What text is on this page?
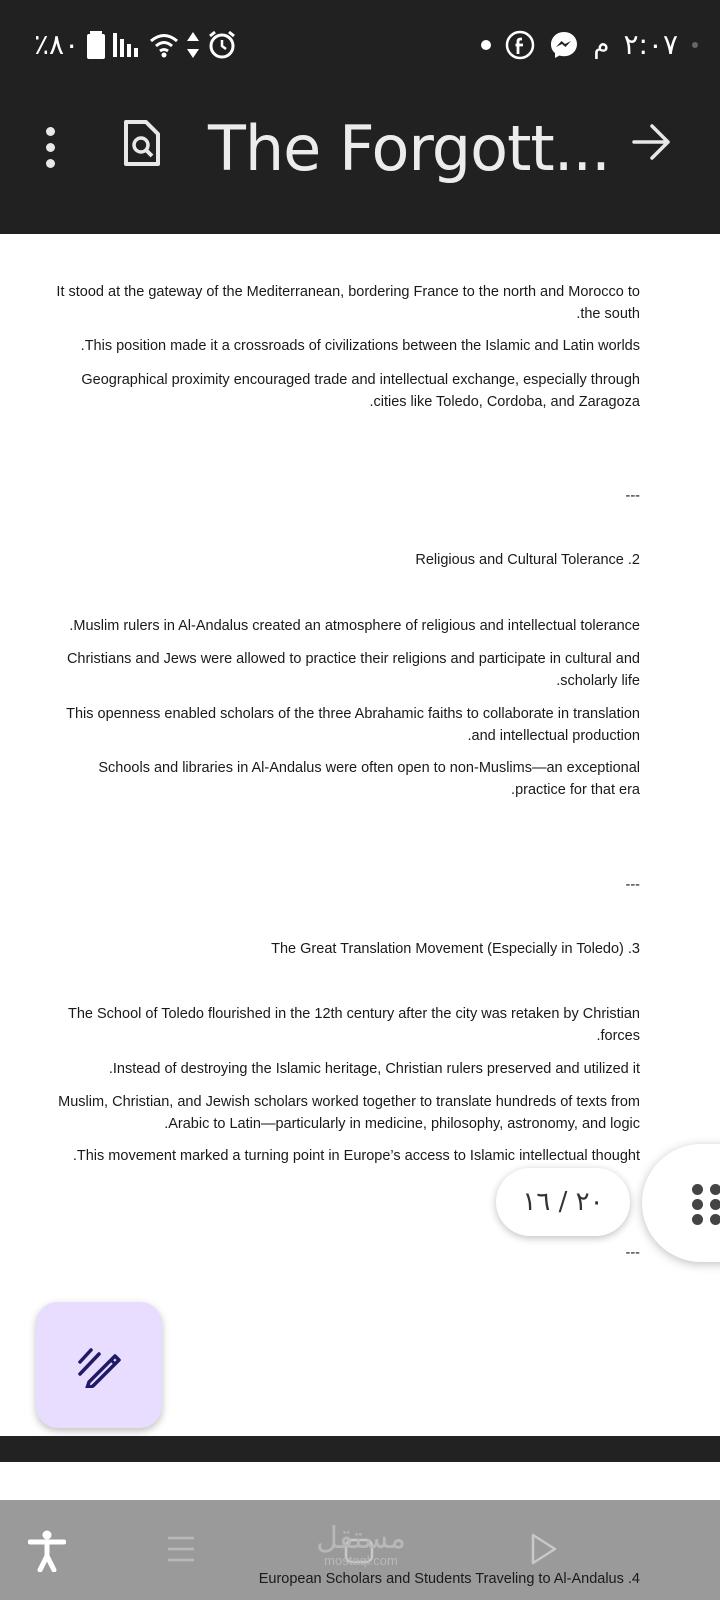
٪٨٠	م ٢:٠٧
The Forgott...
It stood at the gateway of the Mediterranean, bordering France to the north and Morocco to
.the south
.This position made it a crossroads of civilizations between the Islamic and Latin worlds
Geographical proximity encouraged trade and intellectual exchange, especially through
.cities like Toledo, Cordoba, and Zaragoza
---
Religious and Cultural Tolerance .2
.Muslim rulers in Al-Andalus created an atmosphere of religious and intellectual tolerance
Christians and Jews were allowed to practice their religions and participate in cultural and
.scholarly life
This openness enabled scholars of the three Abrahamic faiths to collaborate in translation
.and intellectual production
Schools and libraries in Al-Andalus were often open to non-Muslims—an exceptional
.practice for that era
---
The Great Translation Movement (Especially in Toledo) .3
The School of Toledo flourished in the 12th century after the city was retaken by Christian
.forces
.Instead of destroying the Islamic heritage, Christian rulers preserved and utilized it
Muslim, Christian, and Jewish scholars worked together to translate hundreds of texts from
.Arabic to Latin—particularly in medicine, philosophy, astronomy, and logic
.This movement marked a turning point in Europe’s access to Islamic intellectual thought
---
٢٠ / ١٦
مستقل
mostaql.com
European Scholars and Students Traveling to Al-Andalus .4
